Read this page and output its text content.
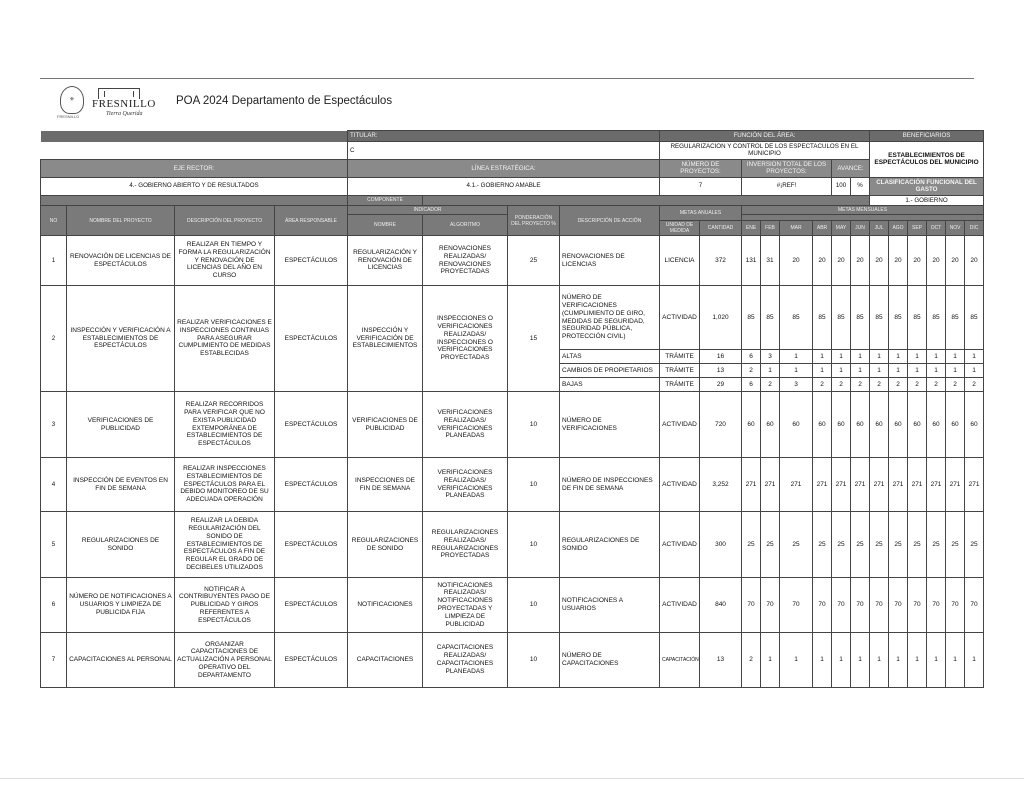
⚜
FRESNILLO
FRESNILLO
Tierra Querida
POA 2024 Departamento de Espectáculos
				TITULAR:				FUNCIÓN DEL ÁREA:								BENEFICIARIOS					
				C				REGULARIZACION Y CONTROL DE LOS ESPECTACULOS EN EL MUNICIPIO								ESTABLECIMIENTOS DE ESPECTÁCULOS DEL MUNICIPIO					
EJE RECTOR:				LÍNEA ESTRATÉGICA:				NÚMERO DE PROYECTOS:		INVERSION TOTAL DE LOS PROYECTOS:				AVANCE:							
4.- GOBIERNO ABIERTO Y DE RESULTADOS				4.1.- GOBIERNO AMABLE				7		#¡REF!				100	%	CLASIFICACIÓN FUNCIONAL DEL GASTO					
				COMPONENTE												1.- GOBIERNO					
NO	NOMBRE DEL PROYECTO	DESCRIPCIÓN DEL PROYECTO	ÁREA RESPONSABLE	INDICADOR		PONDERACIÓN DEL PROYECTO %	DESCRIPCIÓN DE ACCIÓN	METAS ANUALES		METAS MENSUALES											
				NOMBRE	ALGORITMO																
								UNIDAD DE MEDIDA	CANTIDAD	ENE	FEB	MAR	ABR	MAY	JUN	JUL	AGO	SEP	OCT	NOV	DIC
1	RENOVACIÓN DE LICENCIAS DE ESPECTÁCULOS	REALIZAR EN TIEMPO Y FORMA LA REGULARIZACIÓN Y RENOVACIÓN DE LICENCIAS DEL AÑO EN CURSO	ESPECTÁCULOS	REGULARIZACIÓN Y RENOVACIÓN DE LICENCIAS	RENOVACIONES REALIZADAS/ RENOVACIONES PROYECTADAS	25	RENOVACIONES DE LICENCIAS	LICENCIA	372	131	31	20	20	20	20	20	20	20	20	20	20
2	INSPECCIÓN Y VERIFICACIÓN A ESTABLECIMIENTOS DE ESPECTÁCULOS	REALIZAR VERIFICACIONES E INSPECCIONES CONTINUAS PARA ASEGURAR CUMPLIMIENTO DE MEDIDAS ESTABLECIDAS	ESPECTÁCULOS	INSPECCIÓN Y VERIFICACIÓN DE ESTABLECIMIENTOS	INSPECCIONES O VERIFICACIONES REALIZADAS/ INSPECCIONES O VERIFICACIONES PROYECTADAS	15	NÚMERO DE VERIFICACIONES (CUMPLIMIENTO DE GIRO, MEDIDAS DE SEGURIDAD, SEGURIDAD PÚBLICA, PROTECCIÓN CIVIL)	ACTIVIDAD	1,020	85	85	85	85	85	85	85	85	85	85	85	85
							ALTAS	TRÁMITE	16	6	3	1	1	1	1	1	1	1	1	1	1
							CAMBIOS DE PROPIETARIOS	TRÁMITE	13	2	1	1	1	1	1	1	1	1	1	1	1
							BAJAS	TRÁMITE	29	6	2	3	2	2	2	2	2	2	2	2	2
3	VERIFICACIONES DE PUBLICIDAD	REALIZAR RECORRIDOS PARA VERIFICAR QUE NO EXISTA PUBLICIDAD EXTEMPORÁNEA DE ESTABLECIMIENTOS DE ESPECTÁCULOS	ESPECTÁCULOS	VERIFICACIONES DE PUBLICIDAD	VERIFICACIONES REALIZADAS/ VERIFICACIONES PLANEADAS	10	NÚMERO DE VERIFICACIONES	ACTIVIDAD	720	60	60	60	60	60	60	60	60	60	60	60	60
4	INSPECCIÓN DE EVENTOS EN FIN DE SEMANA	REALIZAR INSPECCIONES ESTABLECIMIENTOS DE ESPECTÁCULOS PARA EL DEBIDO MONITOREO DE SU ADECUADA OPERACIÓN	ESPECTÁCULOS	INSPECCIONES DE FIN DE SEMANA	VERIFICACIONES REALIZADAS/ VERIFICACIONES PLANEADAS	10	NÚMERO DE INSPECCIONES DE FIN DE SEMANA	ACTIVIDAD	3,252	271	271	271	271	271	271	271	271	271	271	271	271
5	REGULARIZACIONES DE SONIDO	REALIZAR LA DEBIDA REGULARIZACIÓN DEL SONIDO DE ESTABLECIMIENTOS DE ESPECTÁCULOS A FIN DE REGULAR EL GRADO DE DECIBELES UTILIZADOS	ESPECTÁCULOS	REGULARIZACIONES DE SONIDO	REGULARIZACIONES REALIZADAS/ REGULARIZACIONES PROYECTADAS	10	REGULARIZACIONES DE SONIDO	ACTIVIDAD	300	25	25	25	25	25	25	25	25	25	25	25	25
6	NÚMERO DE NOTIFICACIONES A USUARIOS Y LIMPIEZA DE PUBLICIDA FIJA	NOTIFICAR A CONTRIBUYENTES PAGO DE PUBLICIDAD Y GIROS REFERENTES A ESPECTÁCULOS	ESPECTÁCULOS	NOTIFICACIONES	NOTIFICACIONES REALIZADAS/ NOTIFICACIONES PROYECTADAS Y LIMPIEZA DE PUBLICIDAD	10	NOTIFICACIONES A USUARIOS	ACTIVIDAD	840	70	70	70	70	70	70	70	70	70	70	70	70
7	CAPACITACIONES AL PERSONAL	ORGANIZAR CAPACITACIONES DE ACTUALIZACIÓN A PERSONAL OPERATIVO DEL DEPARTAMENTO	ESPECTÁCULOS	CAPACITACIONES	CAPACITACIONES REALIZADAS/ CAPACITACIONES PLANEADAS	10	NÚMERO DE CAPACITACIONES	CAPACITACIÓN	13	2	1	1	1	1	1	1	1	1	1	1	1
